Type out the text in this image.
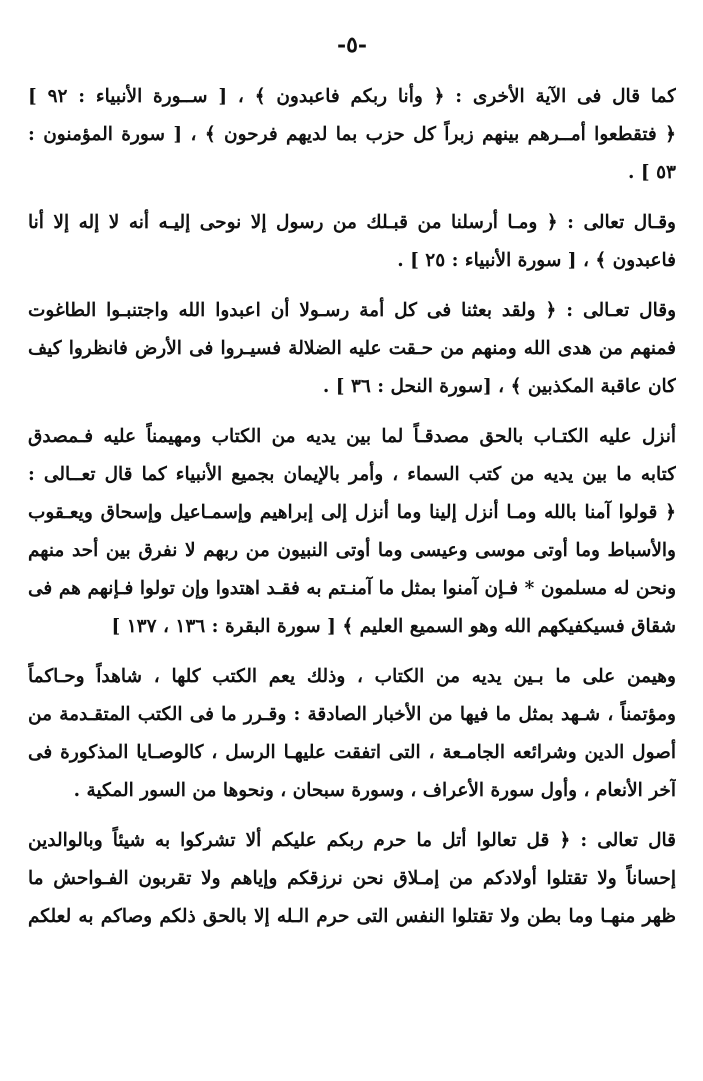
-٥-
كما قال فى الآية الأخرى : ﴿ وأنا ربكم فاعبدون ﴾ ، [ ســورة الأنبياء : ٩٢ ]
﴿ فتقطعوا أمــرهم بينهم زبراً كل حزب بما لديهم فرحون ﴾ ، [ سورة المؤمنون :
٥٣ ] .
وقـال تعالى : ﴿ ومـا أرسلنا من قبـلك من رسول إلا نوحى إليـه أنه لا إله إلا أنا
فاعبدون ﴾ ، [ سورة الأنبياء : ٢٥ ] .
وقال تعـالى : ﴿ ولقد بعثنا فى كل أمة رسـولا أن اعبدوا الله واجتنبـوا الطاغوت
فمنهم من هدى الله ومنهم من حـقت عليه الضلالة فسيـروا فى الأرض فانظروا كيف
كان عاقبة المكذبين ﴾ ، [سورة النحل : ٣٦ ] .
أنزل عليه الكتـاب بالحق مصدقـاً لما بين يديه من الكتاب ومهيمناً عليه فـمصدق
كتابه ما بين يديه من كتب السماء ، وأمر بالإيمان بجميع الأنبياء كما قال تعــالى :
﴿ قولوا آمنا بالله ومـا أنزل إلينا وما أنزل إلى إبراهيم وإسمـاعيل وإسحاق ويعـقوب
والأسباط وما أوتى موسى وعيسى وما أوتى النبيون من ربهم لا نفرق بين أحد منهم
ونحن له مسلمون * فـإن آمنوا بمثل ما آمنـتم به فقـد اهتدوا وإن تولوا فـإنهم هم فى
شقاق فسيكفيكهم الله وهو السميع العليم ﴾ [ سورة البقرة : ١٣٦ ، ١٣٧ ]
وهيمن على ما بـين يديه من الكتاب ، وذلك يعم الكتب كلها ، شاهداً وحـاكماً
ومؤتمناً ، شـهد بمثل ما فيها من الأخبار الصادقة : وقـرر ما فى الكتب المتقـدمة من
أصول الدين وشرائعه الجامـعة ، التى اتفقت عليهـا الرسل ، كالوصـايا المذكورة فى
آخر الأنعام ، وأول سورة الأعراف ، وسورة سبحان ، ونحوها من السور المكية .
قال تعالى : ﴿ قل تعالوا أتل ما حرم ربكم عليكم ألا تشركوا به شيئاً وبالوالدين
إحساناً ولا تقتلوا أولادكم من إمـلاق نحن نرزقكم وإياهم ولا تقربون الفـواحش ما
ظهر منهـا وما بطن ولا تقتلوا النفس التى حرم الـله إلا بالحق ذلكم وصاكم به لعلكم
